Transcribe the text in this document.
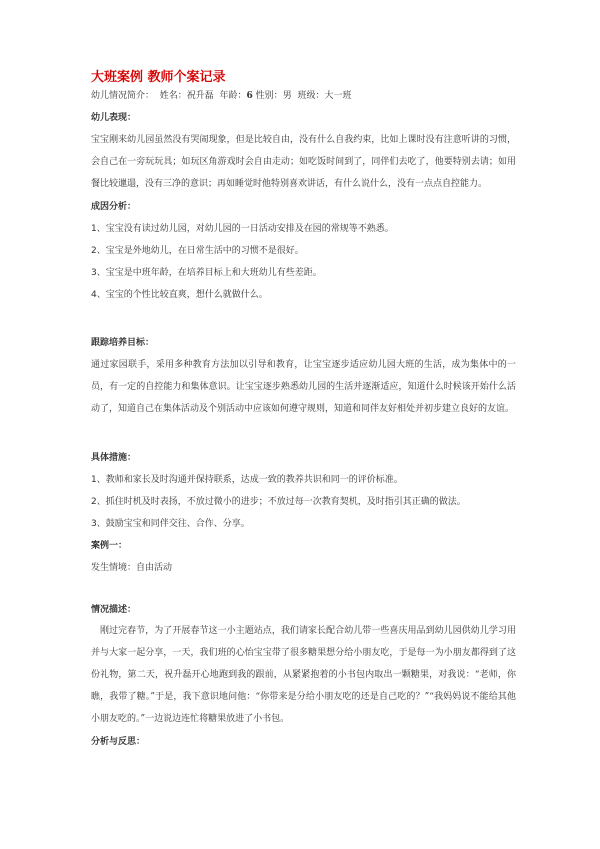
大班案例 教师个案记录

幼儿情况简介： 姓名：祝升磊 年龄：6 性别：男 班级：大一班

幼儿表现：

宝宝刚来幼儿园虽然没有哭闹现象，但是比较自由，没有什么自我约束，比如上课时没有注意听讲的习惯，会自己在一旁玩玩具；如玩区角游戏时会自由走动；如吃饭时间到了，同伴们去吃了，他要特别去请；如用餐比较邋遢，没有三净的意识；再如睡觉时他特别喜欢讲话，有什么说什么，没有一点点自控能力。

成因分析：

1、宝宝没有读过幼儿园，对幼儿园的一日活动安排及在园的常规等不熟悉。

2、宝宝是外地幼儿，在日常生活中的习惯不是很好。

3、宝宝是中班年龄，在培养目标上和大班幼儿有些差距。

4、宝宝的个性比较直爽，想什么就做什么。

跟踪培养目标：

通过家园联手，采用多种教育方法加以引导和教育，让宝宝逐步适应幼儿园大班的生活，成为集体中的一员，有一定的自控能力和集体意识。让宝宝逐步熟悉幼儿园的生活并逐渐适应，知道什么时候该开始什么活动了，知道自己在集体活动及个别活动中应该如何遵守规则，知道和同伴友好相处并初步建立良好的友谊。

具体措施：

1、教师和家长及时沟通并保持联系，达成一致的教养共识和同一的评价标准。

2、抓住时机及时表扬，不放过微小的进步；不放过每一次教育契机，及时指引其正确的做法。

3、鼓励宝宝和同伴交往、合作、分享。

案例一：

发生情境：自由活动

情况描述：

刚过完春节，为了开展春节这一小主题站点，我们请家长配合幼儿带一些喜庆用品到幼儿园供幼儿学习用并与大家一起分享，一天，我们班的心怡宝宝带了很多糖果想分给小朋友吃，于是每一为小朋友都得到了这份礼物，第二天，祝升磊开心地跑到我的跟前，从紧紧抱着的小书包内取出一颗糖果，对我说：“老师，你瞧，我带了糖。”于是，我下意识地问他：“你带来是分给小朋友吃的还是自己吃的？”“我妈妈说不能给其他小朋友吃的。”一边说边连忙将糖果放进了小书包。

分析与反思：
